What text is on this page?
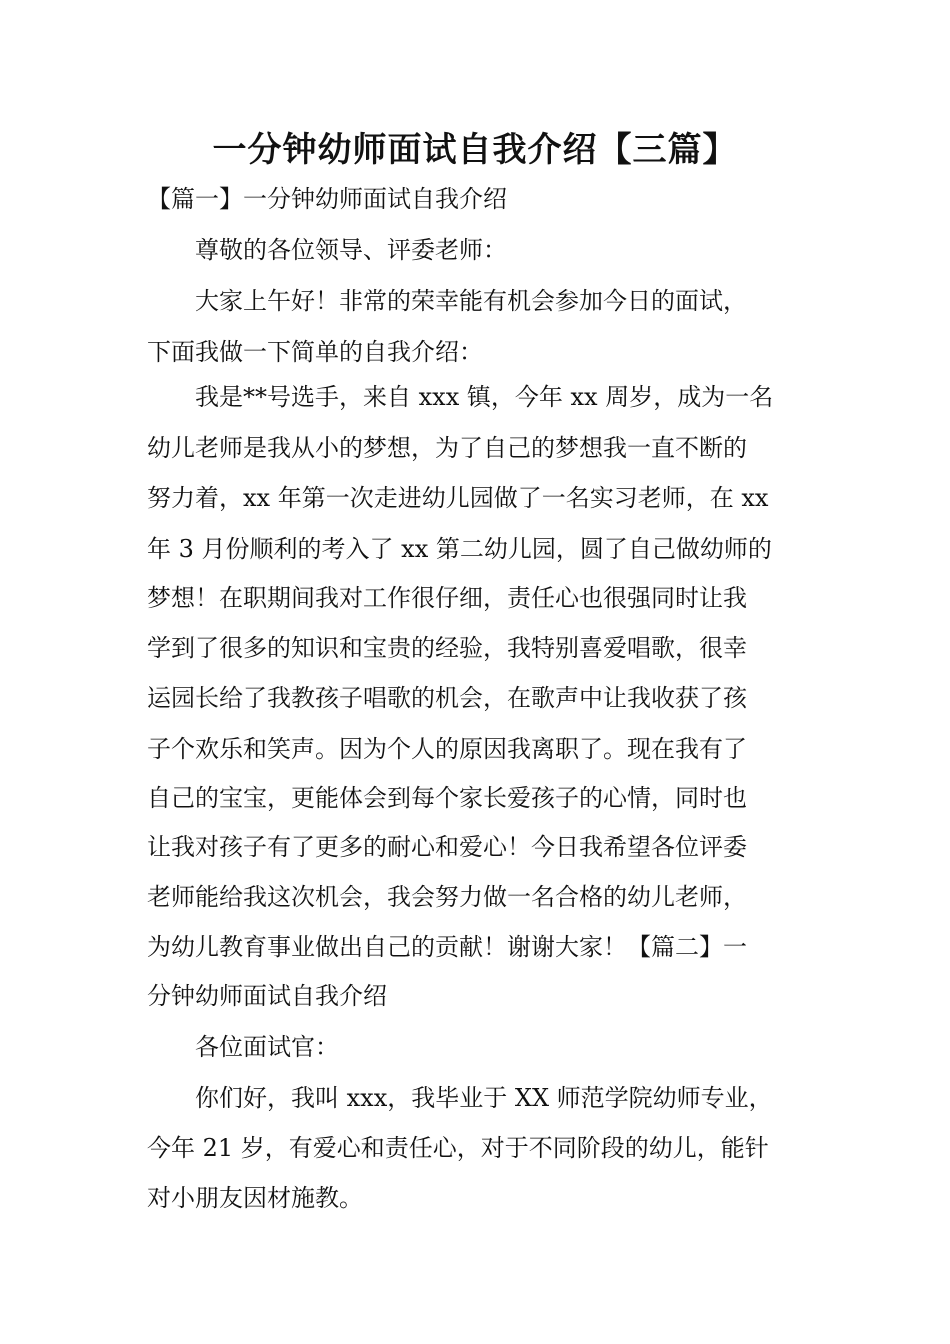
一分钟幼师面试自我介绍【三篇】
【篇一】一分钟幼师面试自我介绍
尊敬的各位领导、评委老师：
大家上午好！非常的荣幸能有机会参加今日的面试，
下面我做一下简单的自我介绍：
我是**号选手，来自 xxx 镇，今年 xx 周岁，成为一名
幼儿老师是我从小的梦想，为了自己的梦想我一直不断的
努力着，xx 年第一次走进幼儿园做了一名实习老师，在 xx
年 3 月份顺利的考入了 xx 第二幼儿园，圆了自己做幼师的
梦想！在职期间我对工作很仔细，责任心也很强同时让我
学到了很多的知识和宝贵的经验，我特别喜爱唱歌，很幸
运园长给了我教孩子唱歌的机会，在歌声中让我收获了孩
子个欢乐和笑声。因为个人的原因我离职了。现在我有了
自己的宝宝，更能体会到每个家长爱孩子的心情，同时也
让我对孩子有了更多的耐心和爱心！今日我希望各位评委
老师能给我这次机会，我会努力做一名合格的幼儿老师，
为幼儿教育事业做出自己的贡献！谢谢大家！【篇二】一
分钟幼师面试自我介绍
各位面试官：
你们好，我叫 xxx，我毕业于 XX 师范学院幼师专业，
今年 21 岁，有爱心和责任心，对于不同阶段的幼儿，能针
对小朋友因材施教。
